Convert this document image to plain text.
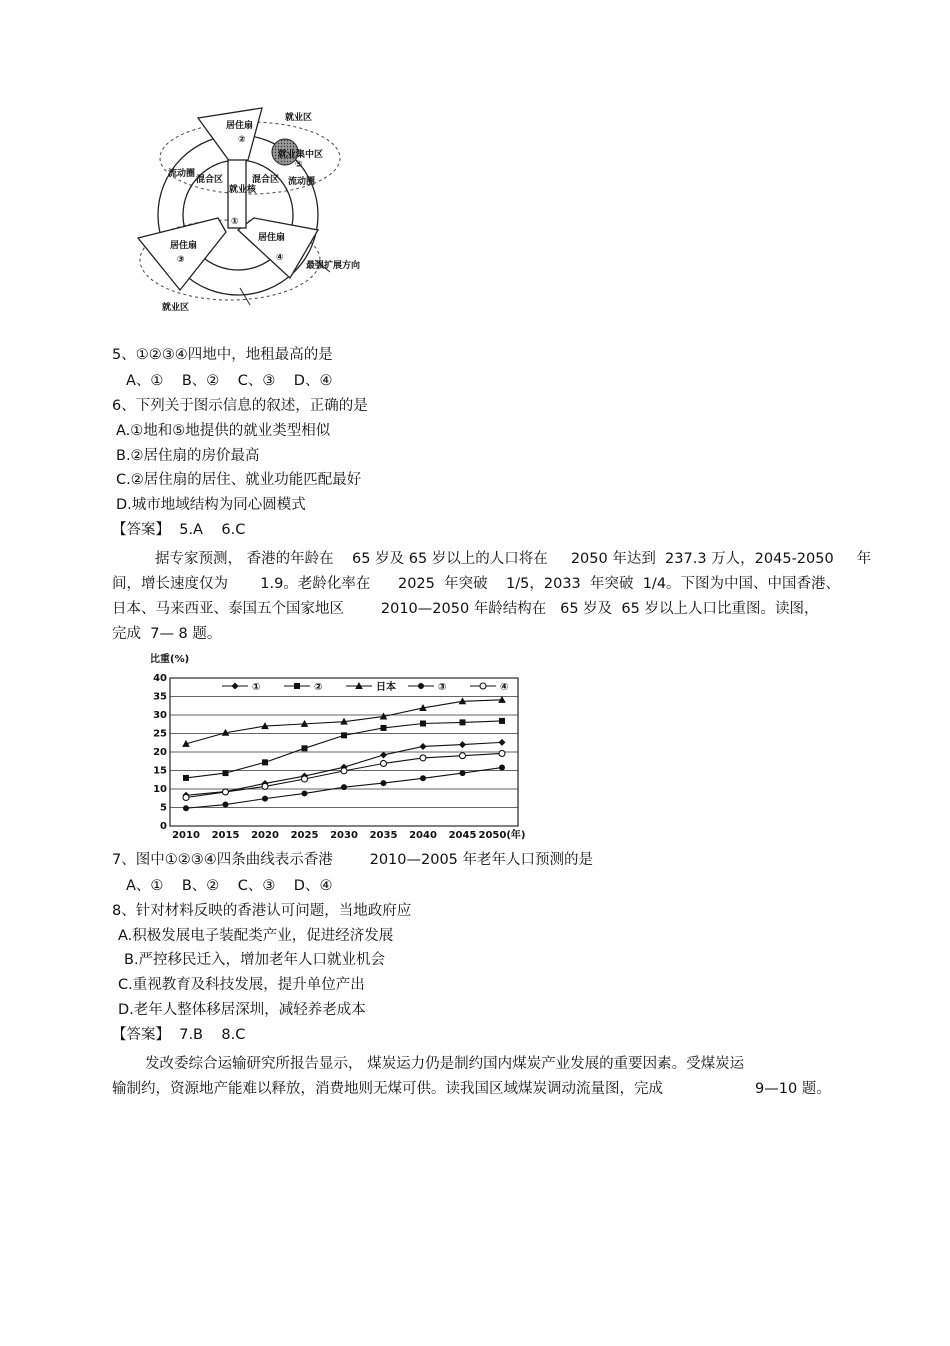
就业区
就业集中区
⑤
居住扇
②
流动圈
流动圈
混合区	混合区
就业核
①
居住扇
③
居住扇
④
最强扩展方向
就业区
5、①②③④四地中，地租最高的是
A、①    B、②    C、③    D、④
6、下列关于图示信息的叙述，正确的是
A.①地和⑤地提供的就业类型相似
B.②居住扇的房价最高
C.②居住扇的居住、就业功能匹配最好
D.城市地域结构为同心圆模式
【答案】  5.A    6.C
据专家预测， 香港的年龄在    65 岁及 65 岁以上的人口将在     2050 年达到  237.3 万人，2045-2050     年
间，增长速度仅为       1.9。老龄化率在      2025  年突破    1/5，2033  年突破  1/4。下图为中国、中国香港、
日本、马来西亚、泰国五个国家地区        2010—2050 年龄结构在   65 岁及  65 岁以上人口比重图。读图，
完成  7— 8 题。
0
5
10
15
20
25
30
35
40
2010 2015 2020 2025 2030 2035 2040 2045 2050(年)
比重(%)
①	②	日本	③	④
7、图中①②③④四条曲线表示香港        2010—2005 年老年人口预测的是
A、①    B、②    C、③    D、④
8、针对材料反映的香港认可问题，当地政府应
A.积极发展电子装配类产业，促进经济发展
B.严控移民迁入，增加老年人口就业机会
C.重视教育及科技发展，提升单位产出
D.老年人整体移居深圳，减轻养老成本
【答案】  7.B    8.C
发改委综合运输研究所报告显示， 煤炭运力仍是制约国内煤炭产业发展的重要因素。受煤炭运
输制约，资源地产能难以释放，消费地则无煤可供。读我国区域煤炭调动流量图，完成	9—10 题。
